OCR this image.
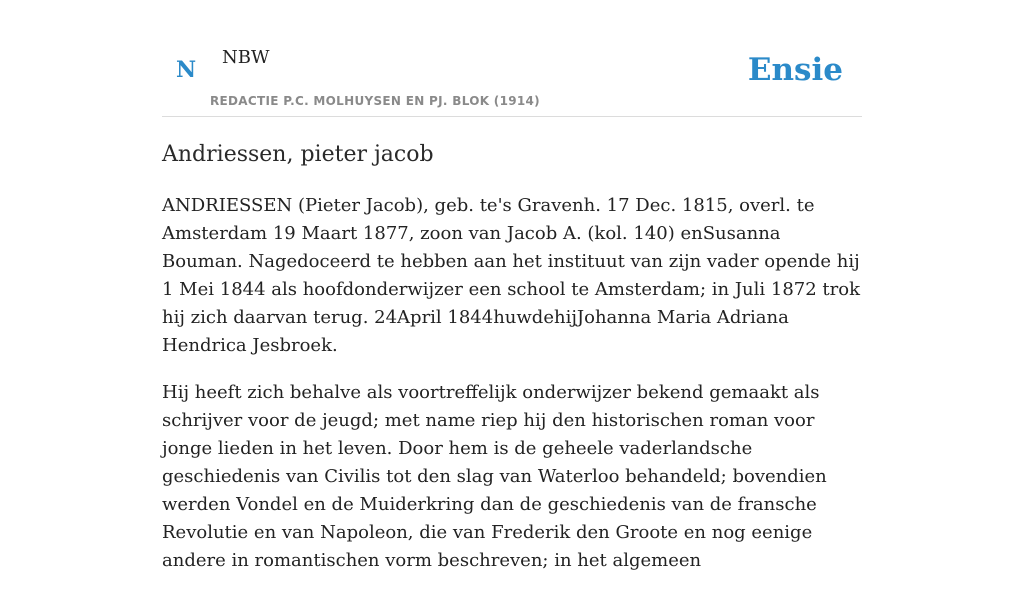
N NBW
REDACTIE P.C. MOLHUYSEN EN PJ. BLOK (1914)
Ensie
Andriessen, pieter jacob

ANDRIESSEN (Pieter Jacob), geb. te's Gravenh. 17 Dec. 1815, overl. te Amsterdam 19 Maart 1877, zoon van Jacob A. (kol. 140) enSusanna Bouman. Nagedoceerd te hebben aan het instituut van zijn vader opende hij 1 Mei 1844 als hoofdonderwijzer een school te Amsterdam; in Juli 1872 trok hij zich daarvan terug. 24April 1844huwdehijJohanna Maria Adriana Hendrica Jesbroek.

Hij heeft zich behalve als voortreffelijk onderwijzer bekend gemaakt als schrijver voor de jeugd; met name riep hij den historischen roman voor jonge lieden in het leven. Door hem is de geheele vaderlandsche geschiedenis van Civilis tot den slag van Waterloo behandeld; bovendien werden Vondel en de Muiderkring dan de geschiedenis van de fransche Revolutie en van Napoleon, die van Frederik den Groote en nog eenige andere in romantischen vorm beschreven; in het algemeen
